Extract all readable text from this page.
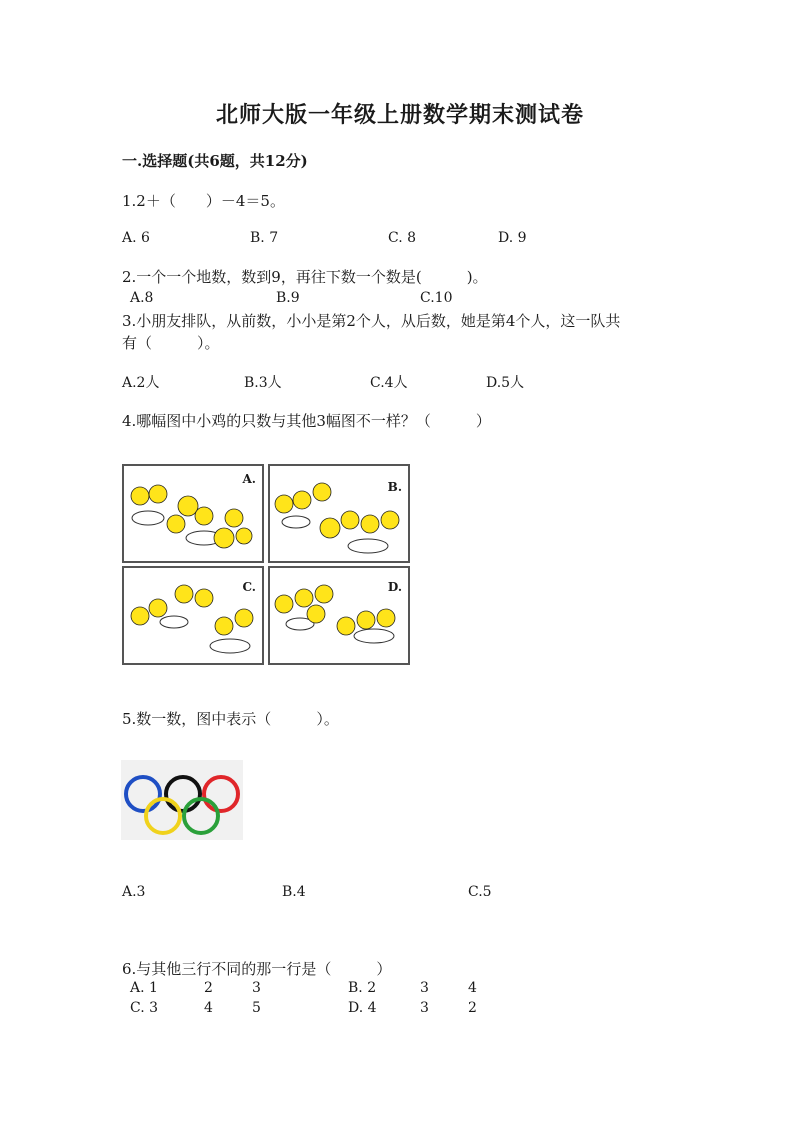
北师大版一年级上册数学期末测试卷
一.选择题(共6题，共12分)
1.2＋（　　）－4＝5。
A. 6	B. 7	C. 8	D. 9
2.一个一个地数，数到9，再往下数一个数是(　　　)。
A.8	B.9	C.10
3.小朋友排队，从前数，小小是第2个人，从后数，她是第4个人，这一队共
有（　　　）。
A.2人	B.3人	C.4人	D.5人
4.哪幅图中小鸡的只数与其他3幅图不一样？（　　　）
A.
B.
C.	D.
5.数一数，图中表示（　　　）。
A.3	B.4	C.5
6.与其他三行不同的那一行是（　　　）
A. 1	2	3	B. 2	3	4
C. 3	4	5	D. 4	3	2
